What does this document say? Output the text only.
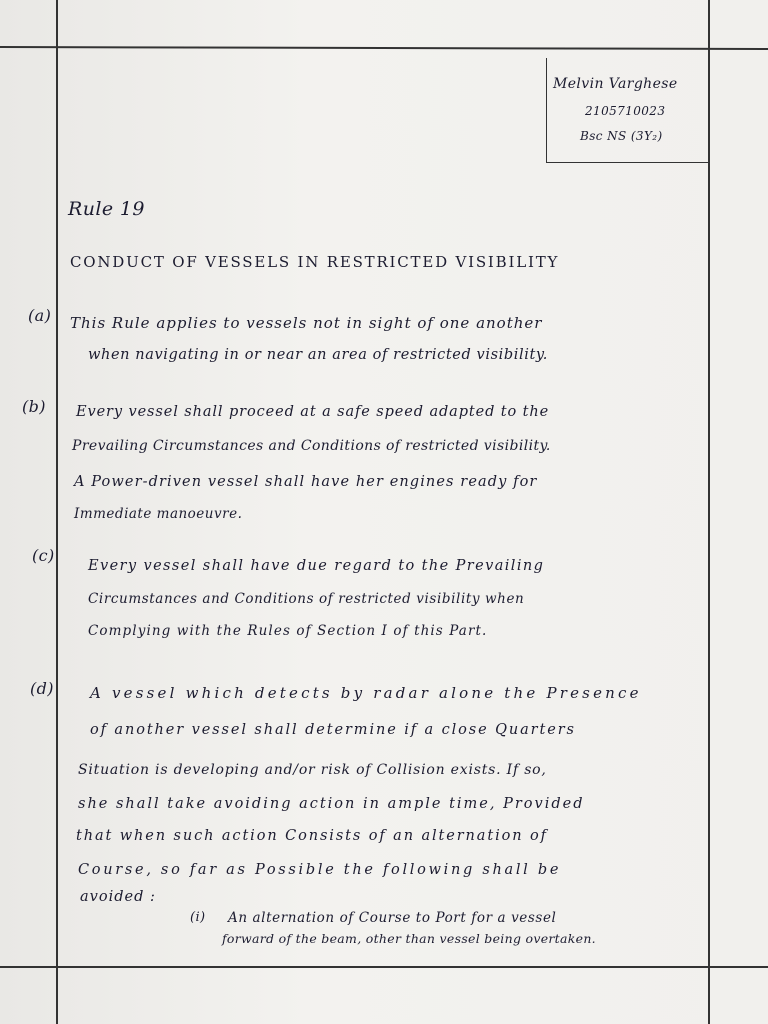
Melvin Varghese
2105710023
Bsc NS (3Y₂)
Rule 19
CONDUCT OF VESSELS IN RESTRICTED VISIBILITY
(a) This Rule applies to vessels not in sight of one another
when navigating in or near an area of restricted visibility.
(b) Every vessel shall proceed at a safe speed adapted to the
Prevailing Circumstances and Conditions of restricted visibility.
A Power-driven vessel shall have her engines ready for
Immediate manoeuvre.
(c)
Every vessel shall have due regard to the Prevailing
Circumstances and Conditions of restricted visibility when
Complying with the Rules of Section I of this Part.
(d) A vessel which detects by radar alone the Presence
of another vessel shall determine if a close Quarters
Situation is developing and/or risk of Collision exists. If so,
she shall take avoiding action in ample time, Provided
that when such action Consists of an alternation of
Course, so far as Possible the following shall be
avoided :
(i) An alternation of Course to Port for a vessel
forward of the beam, other than vessel being overtaken.
